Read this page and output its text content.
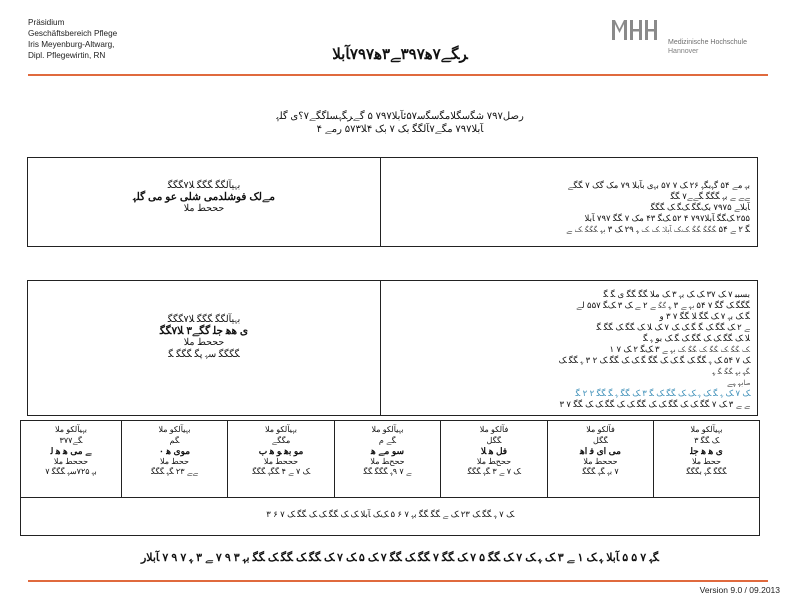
Präsidium
Geschäftsbereich Pflege
Iris Meyenburg-Altwarg,
Dipl. Pflegewirtin, RN
Medizinische Hochschule
Hannover
ﺮﮕﮯ۷ﮬ۳۹۷ﮯ۳ﮬ۷۹۷ﺂﺑﻼ
ﺭﺻﻞ۷۹۷ ﺷﮕﺳﮕﻼﻣﮕﺳﮕﺳ۵۷ﺋﺂﺑﻼ۷۹۷ ۵ ﮔﮯﺮﮕﮩﺴﻠﮔﮕﮯ۷؟ﯼ ﮔﻠﮩ
ﺂﺑﻼ۷۹۷ ﻣﮕﮯ۷ﺂﻟﮕﮕ ﺑﮏ ۷ ﺑﮏ ۴ﻼ۵۷۳ ﺭﻣﮯ ۴
ﺑﮩﯿﺂﻟﮕﮕ ﮕﮕﮕ ﻼ۷ﮕﮕﮕ
ﻣﮯﻟﮏ ﻓﻮﺷﻠﺪﻣﯽ ﺷﻠﯽ ﻋﻮ ﻣﯽ ﮔﻠﮩ
ﺣﺤﺤﻂ ﻣﻼ
ﺑﮩ ﻣﮯ ۵۴ ﮔﮩﺑﮕﮩ ۲۶ ﮏ ۷ ۵۷ ﺑﮩﯼ ﺑﺂﺑﻼ ۷۹ ﻣﮏ ﮔﮏ ۷ ﮕﮕﮯ
ﮯﮯ ﮯ ﺑﮩ ﮕﮕﮕ ﮕﮯﮯ۷ ﮕﮕ
ﺂﺑﻼﮯ ۷۹۷۵ ﺑﮏﮕﮕ ﮏﮕ ﮏ ﮕﮕﮕ
۲۵۵ ﮏﮕﮕ ﺂﺑﻼ۷۹۷ ۴ ۵۲ ﮏﮕ ۴۳ ﻣﮏ ۷ ﮕﮕ ۷۹۷ ﺂﺑﻼ
ﮕ ۲ ﮯ ۵۴ ﮕﮕﮕ ﮕﮕ ﮏﮏ ﺂﺑﻼ ﮏ ﮏ ﮩ ۲۹ ﮏ ۳ ﺑﮩ ﮕﮕﮕ ﮏ ﮯ
ﺑﮩﯿﺂﻟﮕﮕ ﮕﮕﮕ ﻼ۷ﮕﮕﮕ
ﯼ ﮬﮬ ﺟﻠ ﮔﮕﮯ۳ ﻼ۷ﮕﮕ
ﺣﺤﺤﻂ ﻣﻼ
ﮕﮕﮕﮕ ﺳﮩ ﭘﮕ ﮕﮕﮕ ﮕ
ﺑﺴﺒﺒ ۷ ﮏ ۳۷ ﮏ ﮏ ﺑﮩ ۳ ﮏ ﻣﻼ ﮕﮕ ﮕﮕ ﯼ ﮕ ﮕ
ﮕﮕﮕ ﮏ ﮔﮕ ۷ ۵۴ ﺑﮩ ﮯ ۳ ﮩ ﮔﮕ ﮯ ۲ ﮯ ﮏ ۳ ﮏﮕ ۵۵۷ ﻟﮯ
ﮕ ﮏ ﺑﮩ ۷ ﮏ ﮕﮕ ﻼ ﮕﮕ ۷ ۳ ﻭ
ﮯ ۲ ﮏ ﮕﮕ ﮏ ﮕ ﮕ ﮏ ﮏ ۷ ﮏ ﻼ ﮏ ﮕﮕ ﮏ ﮕﮕ ﮕ
ﻼ ﮏ ﮕﮕ ﮏ ﮏ ﮕﮕ ﮏ ﮕ ﮏ ﺑﻮ ﮩ ﮕ
ﮏ ﮕﮕ ﮏ ﮕﮕ ﮏ ﮕﮕ ﮏ ﺑﮩ ﮯ ۳ ﮏﮕ ۲ ﮏ ۷ ۱
ﮏ ۷ ۵۴ ﮏ ﮩ ﮕﮕ ﮏ ﮕ ﮏ ﮏ ﮕﮕ ﮕ ﮏ ﮏ ﮕﮕ ﮏ ۲ ۳ ﮩ ﮕﮕ ﮏ
ﮕﮩ ﺑﮩ ﮕﮕ ﮕ ﮩ
ﺻﺎﺑﮩ ﮩﮯ
ﮏ ۷ ﮏ ﮩ ﮕ ﮏ ﮩ ﮏ ﮏ ﮕﮕ ﮏ ﮕ ۳ ﮏ ﮕﮕ ﮩ ﮕ ﮕﮕ ۲ ۲ ﮕ
ﮯ ﮯ ۳ ﮏ ۷ ﮕﮕ ﮏ ﮏ ﮕﮕ ﮏ ﮏ ﮕﮕ ﮏ ﮏ ﮕﮕ ﮏ ﮏ ﮕﮕ ۷ ۳
ﺑﮩﯿﺂﻟﮑﻮ ﻣﻼ
ﮕﮯ۳۷۷
ﮯ ﻣﯽ ﮬ ﮬ ﻟ
ﺣﺤﺤﻂ ﻣﻼ
ﺑﮩ ۷۲۵ﺳﮩ ﮕﮕﮕ ۷
ﺑﮩﯿﺂﻟﮑﻮ ﻣﻼ
ﮕﻢ
ﻣﻮﯼ ﮬ ۰
ﺣﺤﻂ ﻣﻼ
ﮯﮯ ۲۳ ﮕﮩ ﮕﮕﮕ
ﺑﮩﯿﺂﻟﮑﻮ ﻣﻼ
ﻣﮕﮕﮯ
ﻣﻮ ﺑﮬ ﻮ ﮬ ﺏ
ﺣﺤﺤﻂ ﻣﻼ
ﮏ ۷ ﮯ ۴ ﮕﮕﮩ ﮕﮕﮕ
ﺑﮩﯿﺂﻟﮑﻮ ﻣﻼ
ﮕﮯ ﻡ
ﺳﻮ ﻣﮯ ﮬ
ﺣﺤﺢﻂ ﻣﻼ
ﮯ ۷ ۹ﮩ ﮕﮕﮕ ﮕﮕ
ﻓﺂﻟﮑﻮ ﻣﻼ
ﮕﮕﻞ
ﻓﻞ ﮬ ﻼ
ﺣﺤﺢﻂ ﻣﻼ
ﮏ ۷ ﮯ ۳ ﮕﮩ ﮕﮕﮕ
ﻓﺂﻟﮑﻮ ﻣﻼ
ﮕﮕﻞ
ﻣﯽ ﺍﯼ ﻓ ﺍﮬ
ﺣﺤﺤﻂ ﻣﻼ
۷ ﺑﮩ ﮕﮩ ﮕﮕﮕ
ﺑﮩﯿﺂﻟﮑﻮ ﻣﻼ
ﮏ ﮕﮕ ۳
ﯼ ﮬ ﮬ ﺟﻠ
ﺣﺤﻂ ﻣﻼ
ﮕﮕﮕ ﮕﮩ ﺑﮕﮕﮕ
ﮏ ۷ ﮩ ﮕﮕ ﮏ ۲۳ ﮏ ﮯ ﮕﮕ ﮕﮕ ﺑﮩ ۷ ۶ ۵ ﮏﮏ ﺂﺑﻼ ﮏ ﮏ ﮕﮕ ﮏ ﮏ ﮕﮕ ﮏ ۷ ۶ ۳
ﮕﮩ ۷ ۵ ۵ ﺂﺑﻼ ﮩ ﮏ ۱ ﮯ ۳ ﮏ ﮩ ﮏ ۷ ﮏ ﮕﮕ ۵ ۷ ﮏ ﮕﮕ ۷ ﮕﮕ ﮏ ﮕﮕ ۷ ﮏ ۵ ﮏ ۷ ﮏ ﮕﮕ ﮏ ﮕﮕ ﮏ ﮕﮕ ﺑﮩ ۳ ۹ ۷ ﮯ ۳ ﮩ ۷ ۹ ۷ ﺂﺑﻼﺭ
Version 9.0 / 09.2013
